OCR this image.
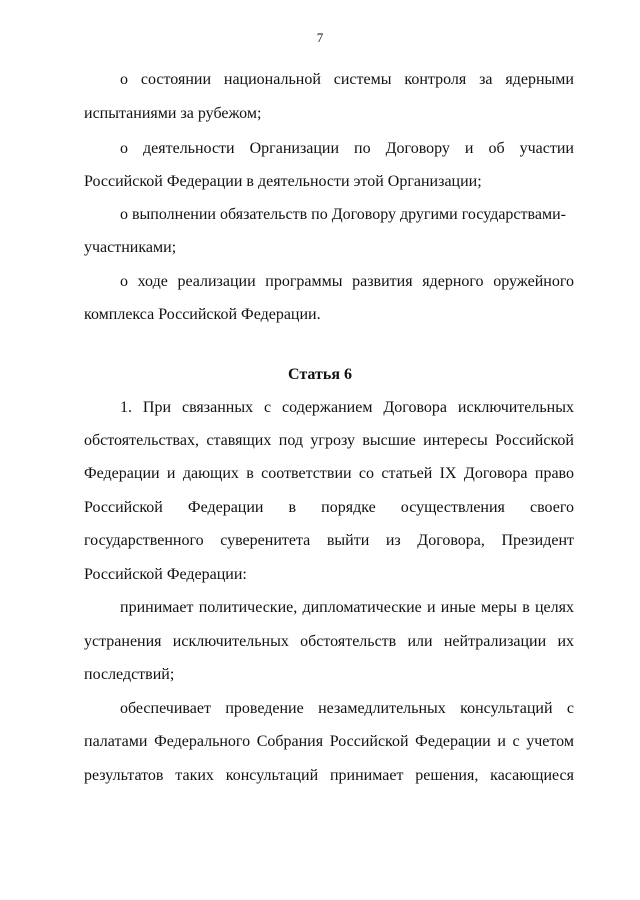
7
о состоянии национальной системы контроля за ядерными
испытаниями за рубежом;
о деятельности Организации по Договору и об участии
Российской Федерации в деятельности этой Организации;
о выполнении обязательств по Договору другими государствами-
участниками;
о ходе реализации программы развития ядерного оружейного
комплекса Российской Федерации.
Статья 6
1. При связанных с содержанием Договора исключительных
обстоятельствах, ставящих под угрозу высшие интересы Российской
Федерации и дающих в соответствии со статьей IX Договора право
Российской Федерации в порядке осуществления своего
государственного суверенитета выйти из Договора, Президент
Российской Федерации:
принимает политические, дипломатические и иные меры в целях
устранения исключительных обстоятельств или нейтрализации их
последствий;
обеспечивает проведение незамедлительных консультаций с
палатами Федерального Собрания Российской Федерации и с учетом
результатов таких консультаций принимает решения, касающиеся
